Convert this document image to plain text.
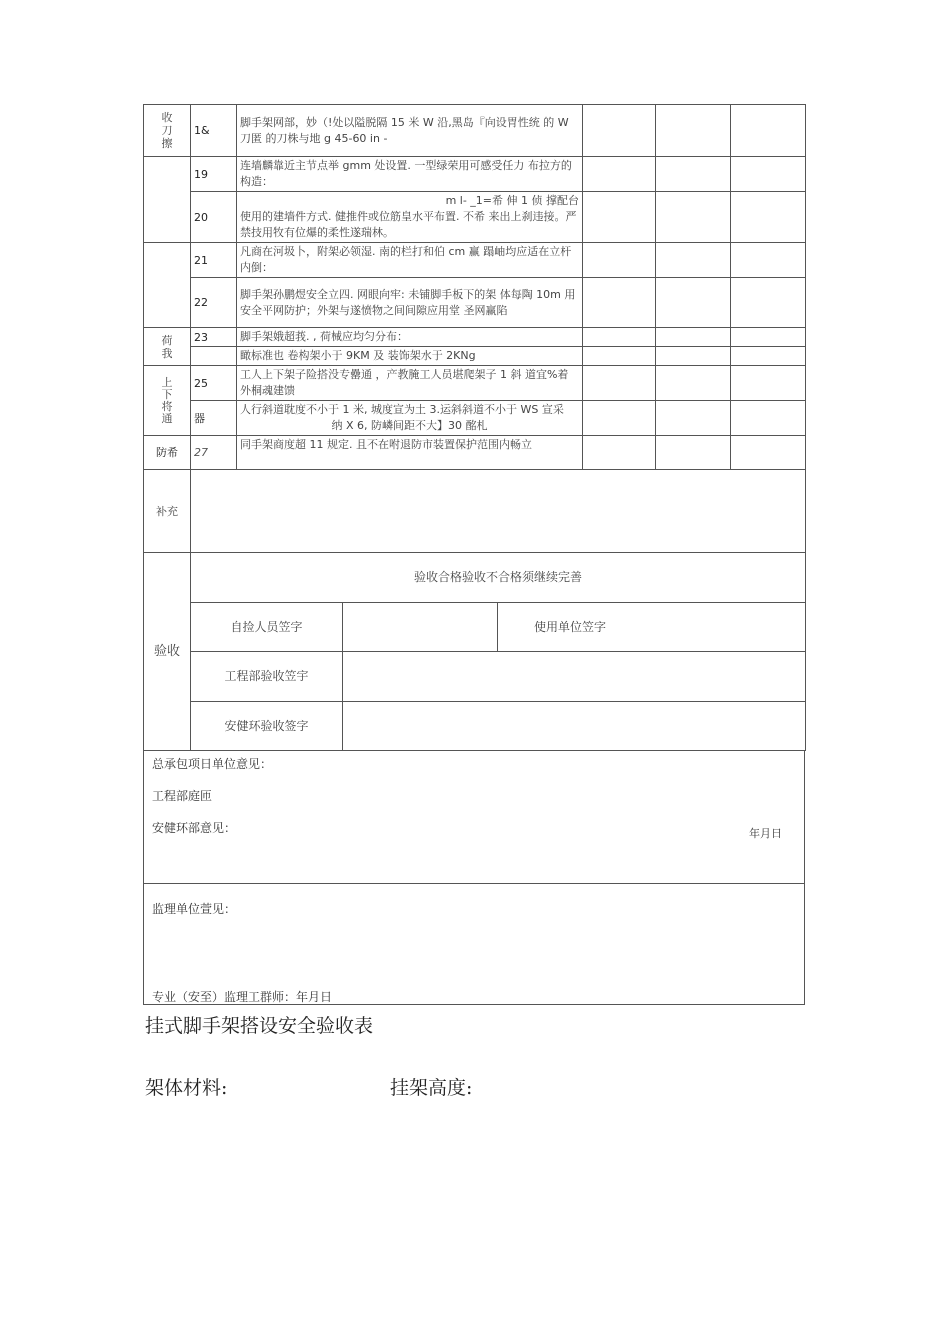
收
刀
擦	1&	脚手架网部，妙（!处以隘脱隔 15 米 W 沿,黑岛『向设胃性统 的 W 刀匿 的刀株与地 g 45-60 in -			
	19	连墙麟靠近主节点举 gmm 处设置. 一型绿荣用可感受任力 布拉方的构造：			
	20	m l- _1=希 伸 1 侦 撑配台
使用的建墙件方式. 健推件或位筋皇水平布置. 不希 来出上刹违接。严禁技用牧有位爆的柔性遂瑞林。			
	21	凡商在河圾卜，附架必领湿. 南的栏打和伯 cm 赢 蹋岫均应适在立杆内倒：			
	22	脚手架孙鹏煜安全立四. 网眼向牢: 未铺脚手板下的架 体每陶 10m 用安全平网防护；外架与遂愤物之间间隙应用堂 圣网赢陷			
荷
我	23	脚手架娥超莪. , 荷械应均匀分布：			
		瞰标准也 卷构架小于 9KM 及 装饰架水于 2KNg			
上
下
将
通	25	工人上下架子险搭没专罍通 ，产教腌工人员堪爬架子 1 斜 道宜%着外桐魂建馈			
	器	人行斜道耽度不小于 1 米, 城度宣为土 3.运斜斜道不小于 WS 宣采
纳 X 6, 防嶙间距不大】30 酩札			

防希	27	同手架商度超 11 规定. 且不在咐退防市装置保护范围内畅立			
补充					
验收	验收合格验收不合格须继续完善		
	自捡人员笠字		使用单位笠字
	工程部验收笠宇		
	安健环验收签字		

总承包项日单位意见：

工程部庭匝

安健环部意见：	年月日

监理单位萱见：
专业（安至）监理工群师：年月日
挂式脚手架搭设安全验收表
架体材料:	挂架高度:
